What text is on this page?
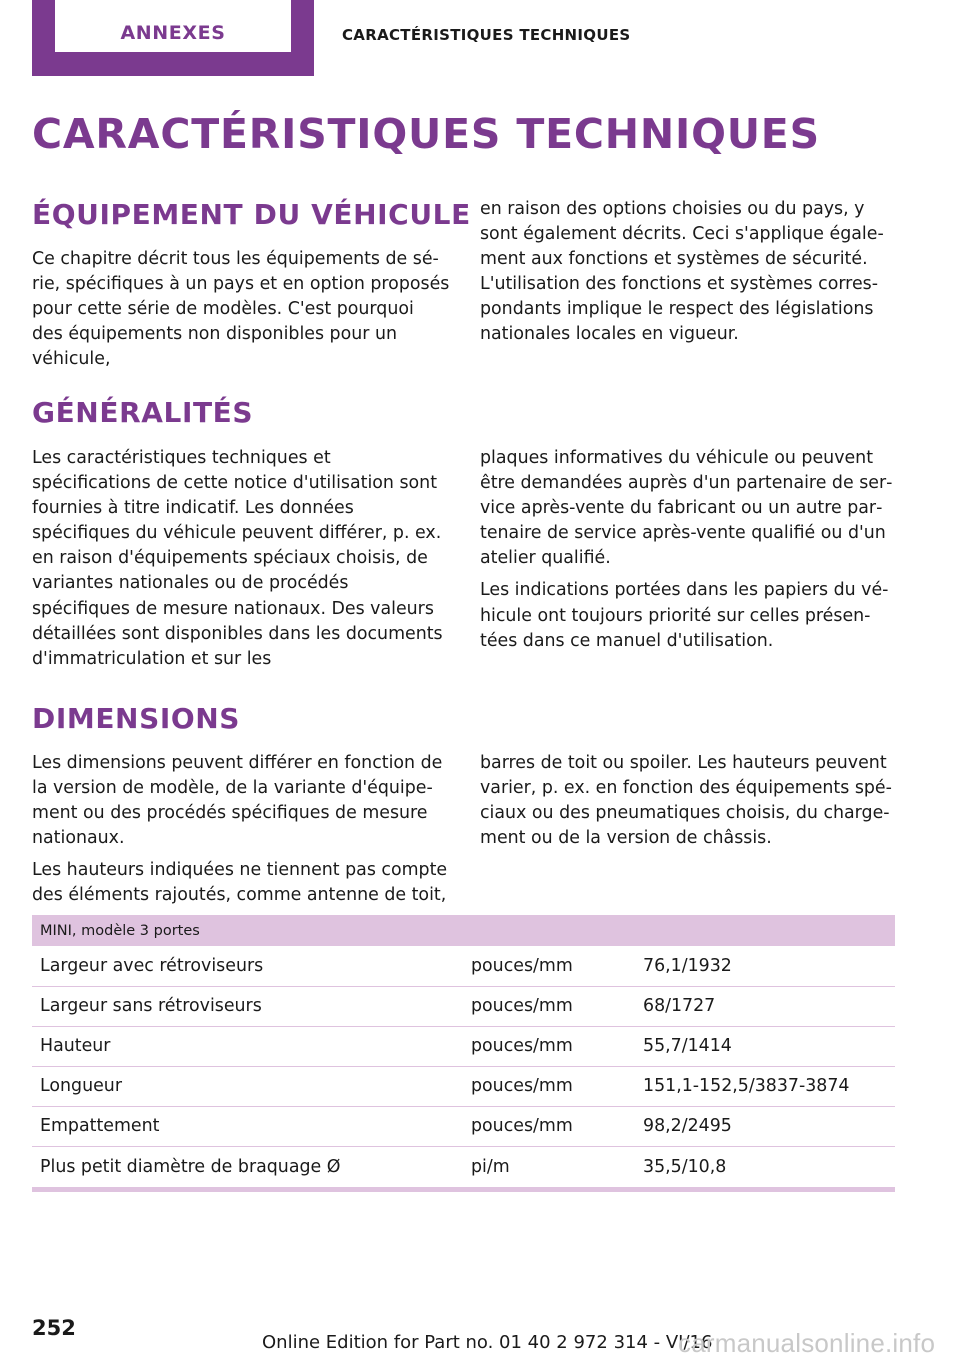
ANNEXES	CARACTÉRISTIQUES TECHNIQUES
CARACTÉRISTIQUES TECHNIQUES
ÉQUIPEMENT DU VÉHICULE

Ce chapitre décrit tous les équipements de série, spécifiques à un pays et en option proposés pour cette série de modèles. C'est pourquoi des équipements non disponibles pour un véhicule,

en raison des options choisies ou du pays, y sont également décrits. Ceci s'applique également aux fonctions et systèmes de sécurité. L'utilisation des fonctions et systèmes correspondants implique le respect des législations nationales locales en vigueur.

GÉNÉRALITÉS

Les caractéristiques techniques et spécifications de cette notice d'utilisation sont fournies à titre indicatif. Les données spécifiques du véhicule peuvent différer, p. ex. en raison d'équipements spéciaux choisis, de variantes nationales ou de procédés spécifiques de mesure nationaux. Des valeurs détaillées sont disponibles dans les documents d'immatriculation et sur les

plaques informatives du véhicule ou peuvent être demandées auprès d'un partenaire de service après-vente du fabricant ou un autre partenaire de service après-vente qualifié ou d'un atelier qualifié.

Les indications portées dans les papiers du véhicule ont toujours priorité sur celles présentées dans ce manuel d'utilisation.

DIMENSIONS

Les dimensions peuvent différer en fonction de la version de modèle, de la variante d'équipement ou des procédés spécifiques de mesure nationaux.

Les hauteurs indiquées ne tiennent pas compte des éléments rajoutés, comme antenne de toit,

barres de toit ou spoiler. Les hauteurs peuvent varier, p. ex. en fonction des équipements spéciaux ou des pneumatiques choisis, du chargement ou de la version de châssis.

MINI, modèle 3 portes		
Largeur avec rétroviseurs	pouces/mm	76,1/1932
Largeur sans rétroviseurs	pouces/mm	68/1727
Hauteur	pouces/mm	55,7/1414
Longueur	pouces/mm	151,1-152,5/3837-3874
Empattement	pouces/mm	98,2/2495
Plus petit diamètre de braquage Ø	pi/m	35,5/10,8
252
Online Edition for Part no. 01 40 2 972 314 - VI/16
carmanualsonline.info
